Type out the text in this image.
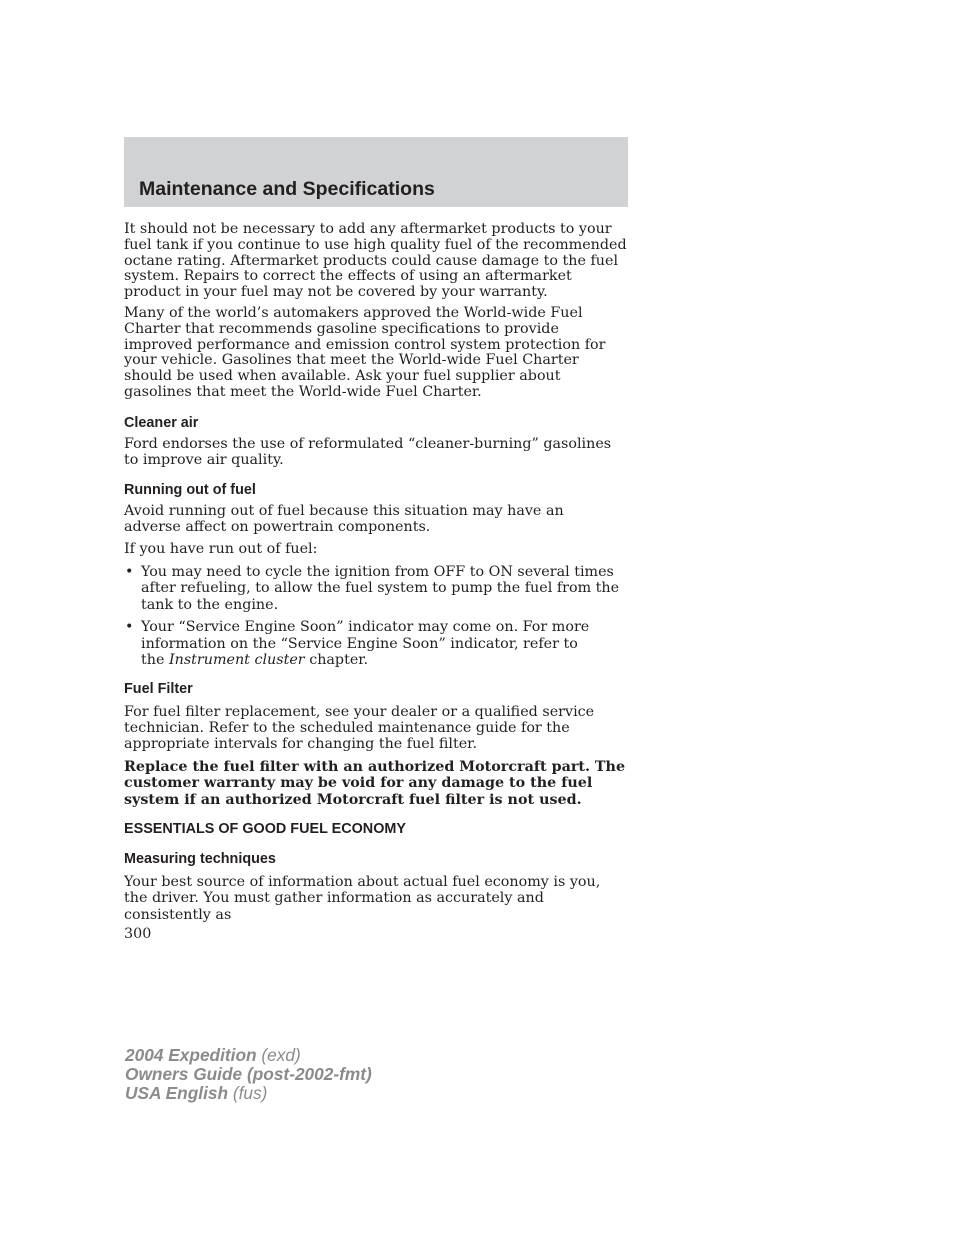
Maintenance and Specifications

It should not be necessary to add any aftermarket products to your fuel tank if you continue to use high quality fuel of the recommended octane rating. Aftermarket products could cause damage to the fuel system. Repairs to correct the effects of using an aftermarket product in your fuel may not be covered by your warranty.

Many of the world’s automakers approved the World-wide Fuel Charter that recommends gasoline specifications to provide improved performance and emission control system protection for your vehicle. Gasolines that meet the World-wide Fuel Charter should be used when available. Ask your fuel supplier about gasolines that meet the World-wide Fuel Charter.

Cleaner air

Ford endorses the use of reformulated “cleaner-burning” gasolines to improve air quality.

Running out of fuel

Avoid running out of fuel because this situation may have an adverse affect on powertrain components.

If you have run out of fuel:

• You may need to cycle the ignition from OFF to ON several times after refueling, to allow the fuel system to pump the fuel from the tank to the engine.
• Your “Service Engine Soon” indicator may come on. For more information on the “Service Engine Soon” indicator, refer to the Instrument cluster chapter.
Fuel Filter

For fuel filter replacement, see your dealer or a qualified service technician. Refer to the scheduled maintenance guide for the appropriate intervals for changing the fuel filter.

Replace the fuel filter with an authorized Motorcraft part. The customer warranty may be void for any damage to the fuel system if an authorized Motorcraft fuel filter is not used.

ESSENTIALS OF GOOD FUEL ECONOMY
Measuring techniques

Your best source of information about actual fuel economy is you, the driver. You must gather information as accurately and consistently as

300

2004 Expedition (exd)
Owners Guide (post-2002-fmt)
USA English (fus)
